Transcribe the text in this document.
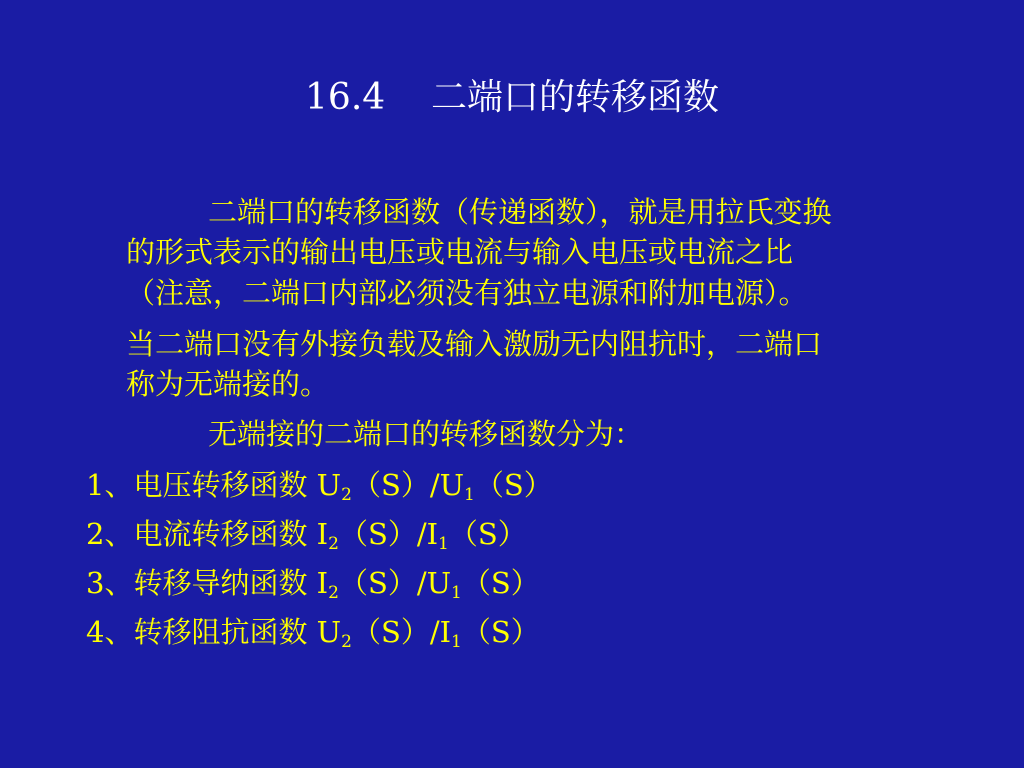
16.4    二端口的转移函数
二端口的转移函数（传递函数），就是用拉氏变换
的形式表示的输出电压或电流与输入电压或电流之比
（注意，二端口内部必须没有独立电源和附加电源）。
当二端口没有外接负载及输入激励无内阻抗时，二端口
称为无端接的。
无端接的二端口的转移函数分为：
1、电压转移函数 $U_2(S)/U_1(S)$
2、电流转移函数 $I_2(S)/I_1(S)$
3、转移导纳函数 $I_2(S)/U_1(S)$
4、转移阻抗函数 $U_2(S)/I_1(S)$
